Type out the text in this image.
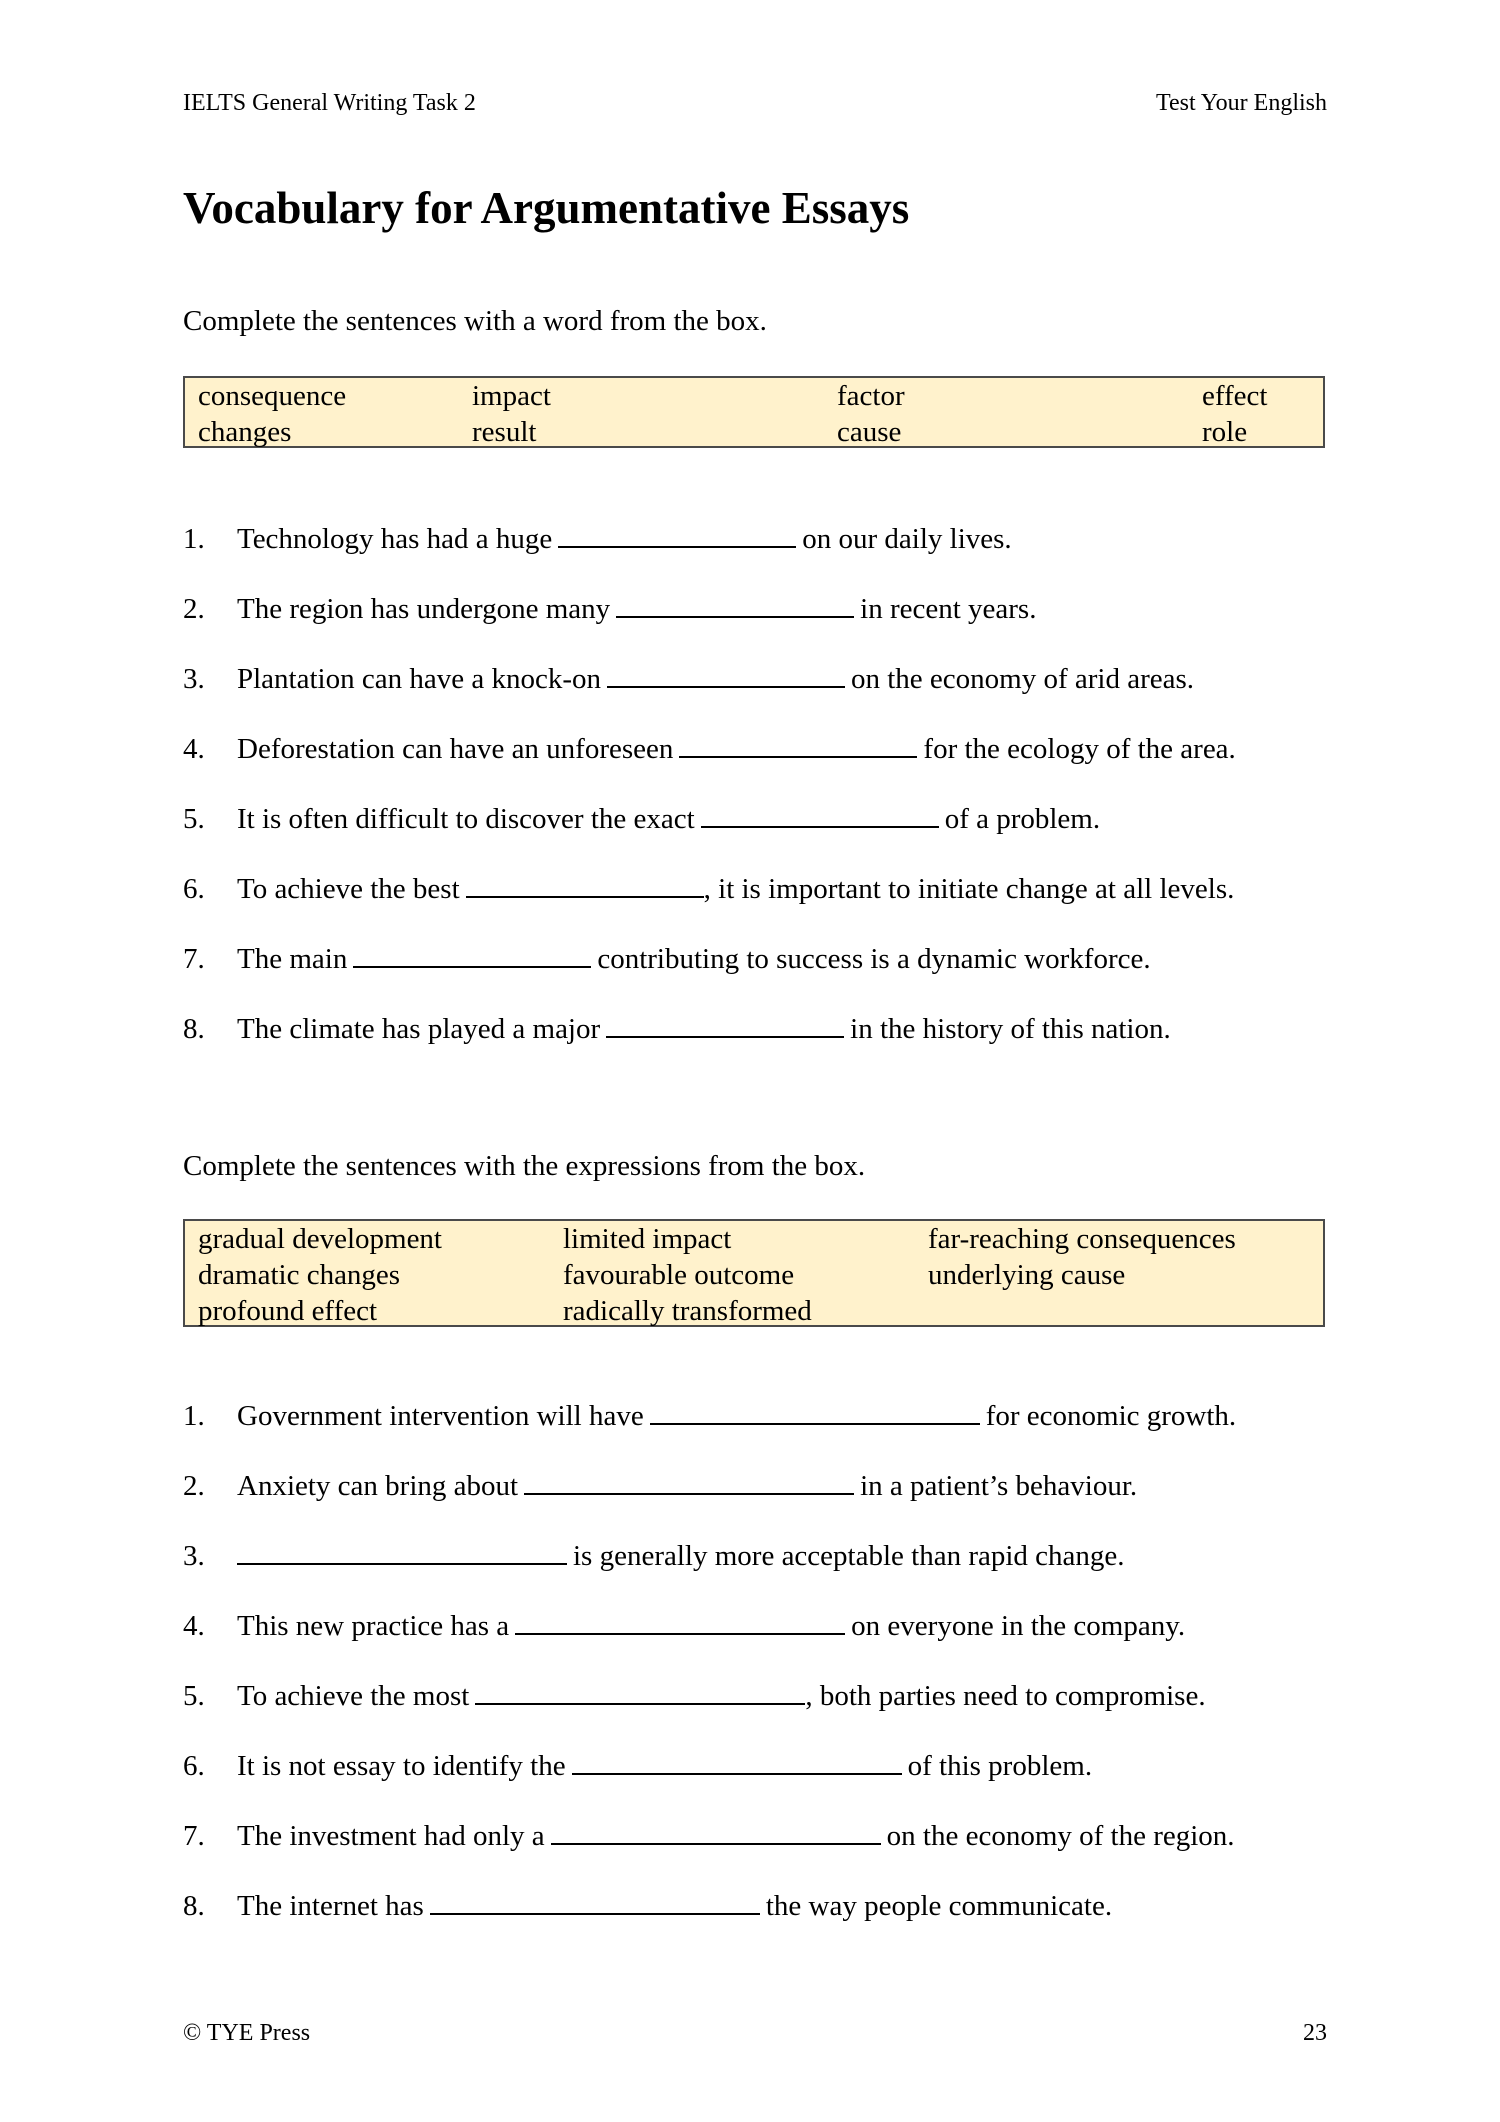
IELTS General Writing Task 2	Test Your English
Vocabulary for Argumentative Essays
Complete the sentences with a word from the box.
consequence	impact	factor	effect
changes	result	cause	role
1. Technology has had a huge	on our daily lives.
2. The region has undergone many	in recent years.
3. Plantation can have a knock-on	on the economy of arid areas.
4. Deforestation can have an unforeseen	for the ecology of the area.
5. It is often difficult to discover the exact	of a problem.
6. To achieve the best	, it is important to initiate change at all levels.
7. The main	contributing to success is a dynamic workforce.
8. The climate has played a major	in the history of this nation.
Complete the sentences with the expressions from the box.
gradual development	limited impact	far-reaching consequences
dramatic changes	favourable outcome	underlying cause
profound effect	radically transformed
1. Government intervention will have	for economic growth.
2. Anxiety can bring about	in a patient’s behaviour.
3.	is generally more acceptable than rapid change.
4. This new practice has a	on everyone in the company.
5. To achieve the most	, both parties need to compromise.
6. It is not essay to identify the	of this problem.
7. The investment had only a	on the economy of the region.
8. The internet has	the way people communicate.
© TYE Press	23
